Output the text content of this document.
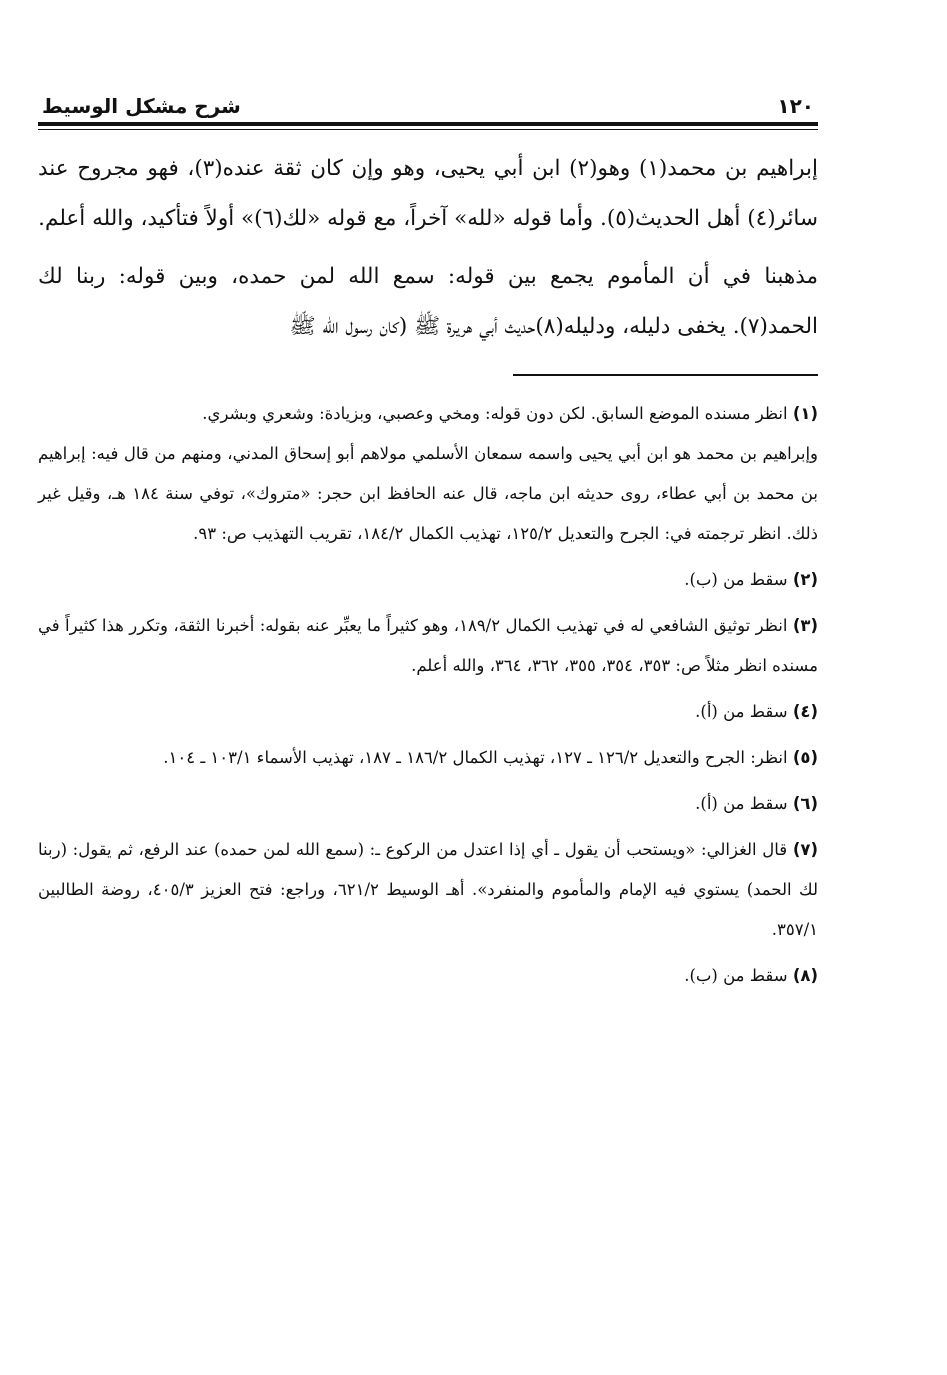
١٢٠
شرح مشكل الوسيط

إبراهيم بن محمد(١) وهو(٢) ابن أبي يحيى، وهو وإن كان ثقة عنده(٣)، فهو مجروح عند سائر(٤) أهل الحديث(٥). وأما قوله «لله» آخراً، مع قوله «لك(٦)» أولاً فتأكيد، والله أعلم.

مذهبنا في أن المأموم يجمع بين قوله: سمع الله لمن حمده، وبين قوله: ربنا لك الحمد(٧). يخفى دليله، ودليله(٨)حديث أبي هريرة ﷺ (كان رسول الله ﷺ

(١) انظر مسنده الموضع السابق. لكن دون قوله: ومخي وعصبي، وبزيادة: وشعري وبشري.

وإبراهيم بن محمد هو ابن أبي يحيى واسمه سمعان الأسلمي مولاهم أبو إسحاق المدني، ومنهم من قال فيه: إبراهيم بن محمد بن أبي عطاء، روى حديثه ابن ماجه، قال عنه الحافظ ابن حجر: «متروك»، توفي سنة ١٨٤ هـ، وقيل غير ذلك. انظر ترجمته في: الجرح والتعديل ١٢٥/٢، تهذيب الكمال ١٨٤/٢، تقريب التهذيب ص: ٩٣.

(٢) سقط من (ب).

(٣) انظر توثيق الشافعي له في تهذيب الكمال ١٨٩/٢، وهو كثيراً ما يعبِّر عنه بقوله: أخبرنا الثقة، وتكرر هذا كثيراً في مسنده انظر مثلاً ص: ٣٥٣، ٣٥٤، ٣٥٥، ٣٦٢، ٣٦٤، والله أعلم.

(٤) سقط من (أ).

(٥) انظر: الجرح والتعديل ١٢٦/٢ ـ ١٢٧، تهذيب الكمال ١٨٦/٢ ـ ١٨٧، تهذيب الأسماء ١٠٣/١ ـ ١٠٤.

(٦) سقط من (أ).

(٧) قال الغزالي: «ويستحب أن يقول ـ أي إذا اعتدل من الركوع ـ: (سمع الله لمن حمده) عند الرفع، ثم يقول: (ربنا لك الحمد) يستوي فيه الإمام والمأموم والمنفرد». أهـ الوسيط ٦٢١/٢، وراجع: فتح العزيز ٤٠٥/٣، روضة الطالبين ٣٥٧/١.

(٨) سقط من (ب).
